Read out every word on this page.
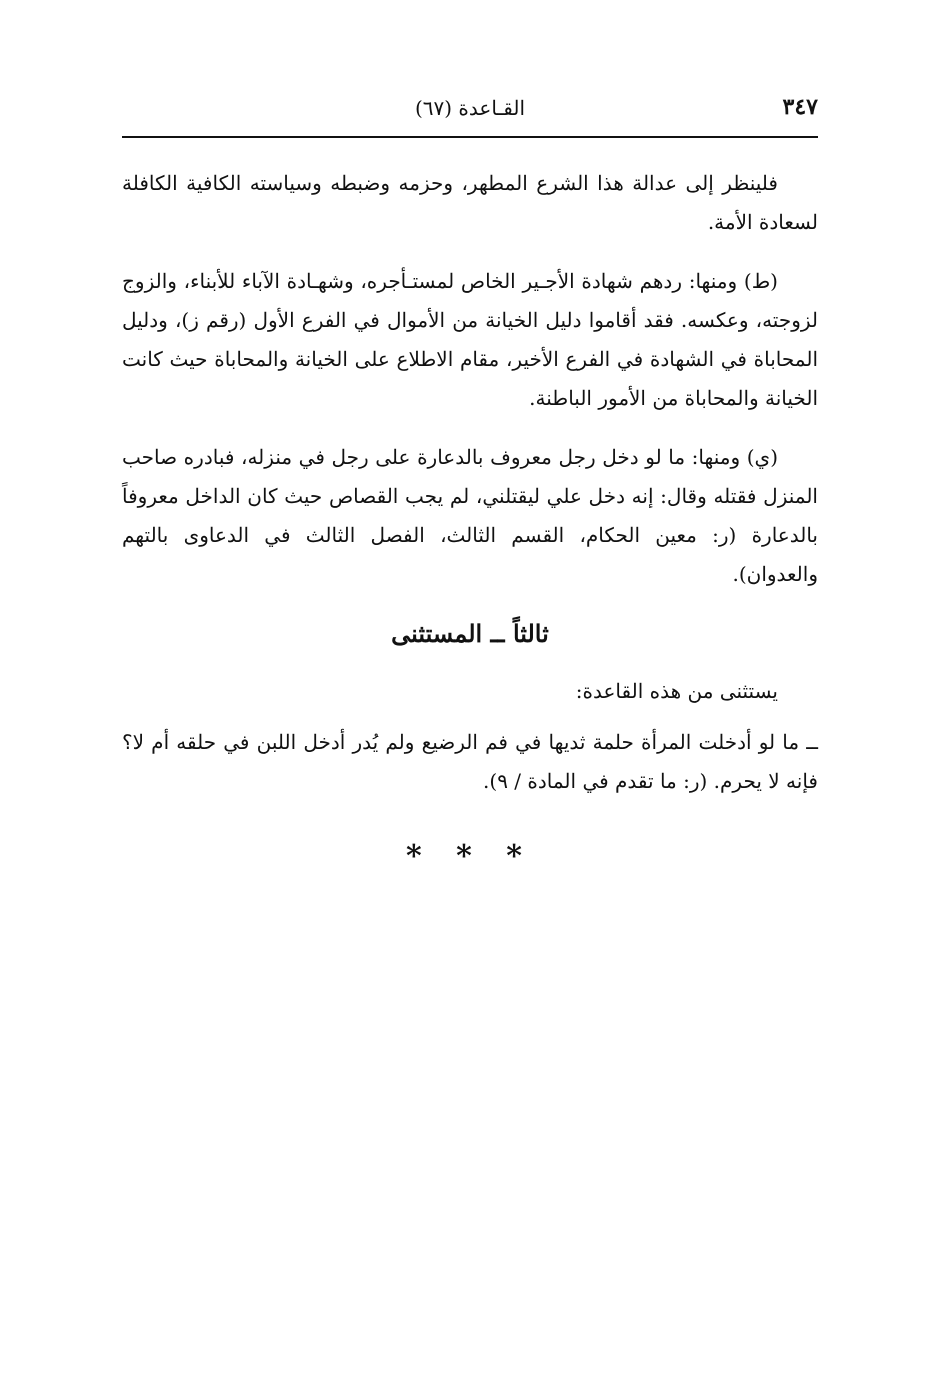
٣٤٧
القـاعدة (٦٧)

فلينظر إلى عدالة هذا الشرع المطهر، وحزمه وضبطه وسياسته الكافية الكافلة لسعادة الأمة.

(ط) ومنها: ردهم شهادة الأجـير الخاص لمستـأجره، وشهـادة الآباء للأبناء، والزوج لزوجته، وعكسه. فقد أقاموا دليل الخيانة من الأموال في الفرع الأول (رقم ز)، ودليل المحاباة في الشهادة في الفرع الأخير، مقام الاطلاع على الخيانة والمحاباة حيث كانت الخيانة والمحاباة من الأمور الباطنة.

(ي) ومنها: ما لو دخل رجل معروف بالدعارة على رجل في منزله، فبادره صاحب المنزل فقتله وقال: إنه دخل علي ليقتلني، لم يجب القصاص حيث كان الداخل معروفاً بالدعارة (ر: معين الحكام، القسم الثالث، الفصل الثالث في الدعاوى بالتهم والعدوان).

ثالثاً ــ المستثنى

يستثنى من هذه القاعدة:

ــ ما لو أدخلت المرأة حلمة ثديها في فم الرضيع ولم يُدر أدخل اللبن في حلقه أم لا؟ فإنه لا يحرم. (ر: ما تقدم في المادة / ٩).

* * *
